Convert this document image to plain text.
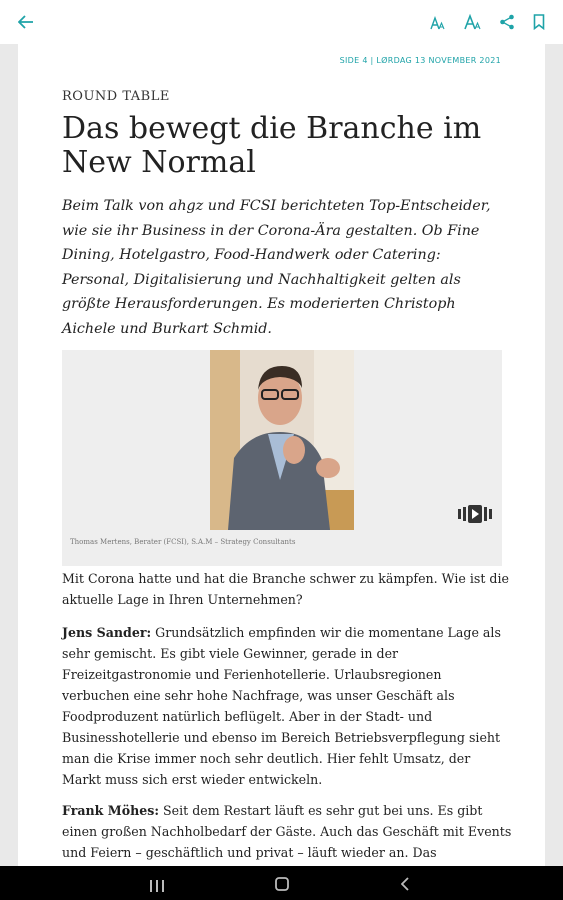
SIDE 4 | LØRDAG 13 NOVEMBER 2021
ROUND TABLE
Das bewegt die Branche im New Normal

Beim Talk von ahgz und FCSI berichteten Top-Entscheider, wie sie ihr Business in der Corona-Ära gestalten. Ob Fine Dining, Hotelgastro, Food-Handwerk oder Catering: Personal, Digitalisierung und Nachhaltigkeit gelten als größte Herausforderungen. Es moderierten Christoph Aichele und Burkart Schmid.

Thomas Mertens, Berater (FCSI), S.A.M – Strategy Consultants

Mit Corona hatte und hat die Branche schwer zu kämpfen. Wie ist die aktuelle Lage in Ihren Unternehmen?

Jens Sander: Grundsätzlich empfinden wir die momentane Lage als sehr gemischt. Es gibt viele Gewinner, gerade in der Freizeitgastronomie und Ferienhotellerie. Urlaubsregionen verbuchen eine sehr hohe Nachfrage, was unser Geschäft als Foodproduzent natürlich beflügelt. Aber in der Stadt- und Businesshotellerie und ebenso im Bereich Betriebsverpflegung sieht man die Krise immer noch sehr deutlich. Hier fehlt Umsatz, der Markt muss sich erst wieder entwickeln.

Frank Möhes: Seit dem Restart läuft es sehr gut bei uns. Es gibt einen großen Nachholbedarf der Gäste. Auch das Geschäft mit Events und Feiern – geschäftlich und privat – läuft wieder an. Das
